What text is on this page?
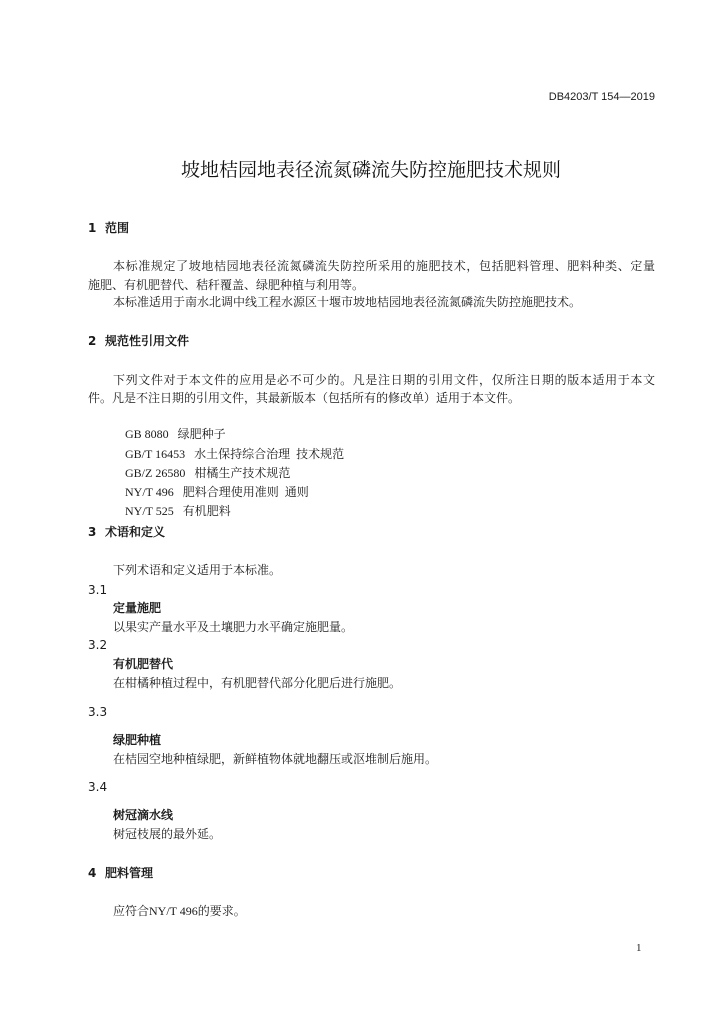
DB4203/T 154—2019
坡地桔园地表径流氮磷流失防控施肥技术规则
1 范围
本标准规定了坡地桔园地表径流氮磷流失防控所采用的施肥技术，包括肥料管理、肥料种类、定量
施肥、有机肥替代、秸秆覆盖、绿肥种植与利用等。
本标准适用于南水北调中线工程水源区十堰市坡地桔园地表径流氮磷流失防控施肥技术。
2 规范性引用文件
下列文件对于本文件的应用是必不可少的。凡是注日期的引用文件，仅所注日期的版本适用于本文
件。凡是不注日期的引用文件，其最新版本（包括所有的修改单）适用于本文件。

GB 8080 绿肥种子

GB/T 16453 水土保持综合治理  技术规范

GB/Z 26580 柑橘生产技术规范

NY/T 496 肥料合理使用准则  通则

NY/T 525 有机肥料

3 术语和定义
下列术语和定义适用于本标准。
3.1
定量施肥
以果实产量水平及土壤肥力水平确定施肥量。
3.2
有机肥替代
在柑橘种植过程中，有机肥替代部分化肥后进行施肥。
3.3
绿肥种植
在桔园空地种植绿肥，新鲜植物体就地翻压或沤堆制后施用。
3.4
树冠滴水线
树冠枝展的最外延。
4 肥料管理
应符合NY/T 496的要求。
1
